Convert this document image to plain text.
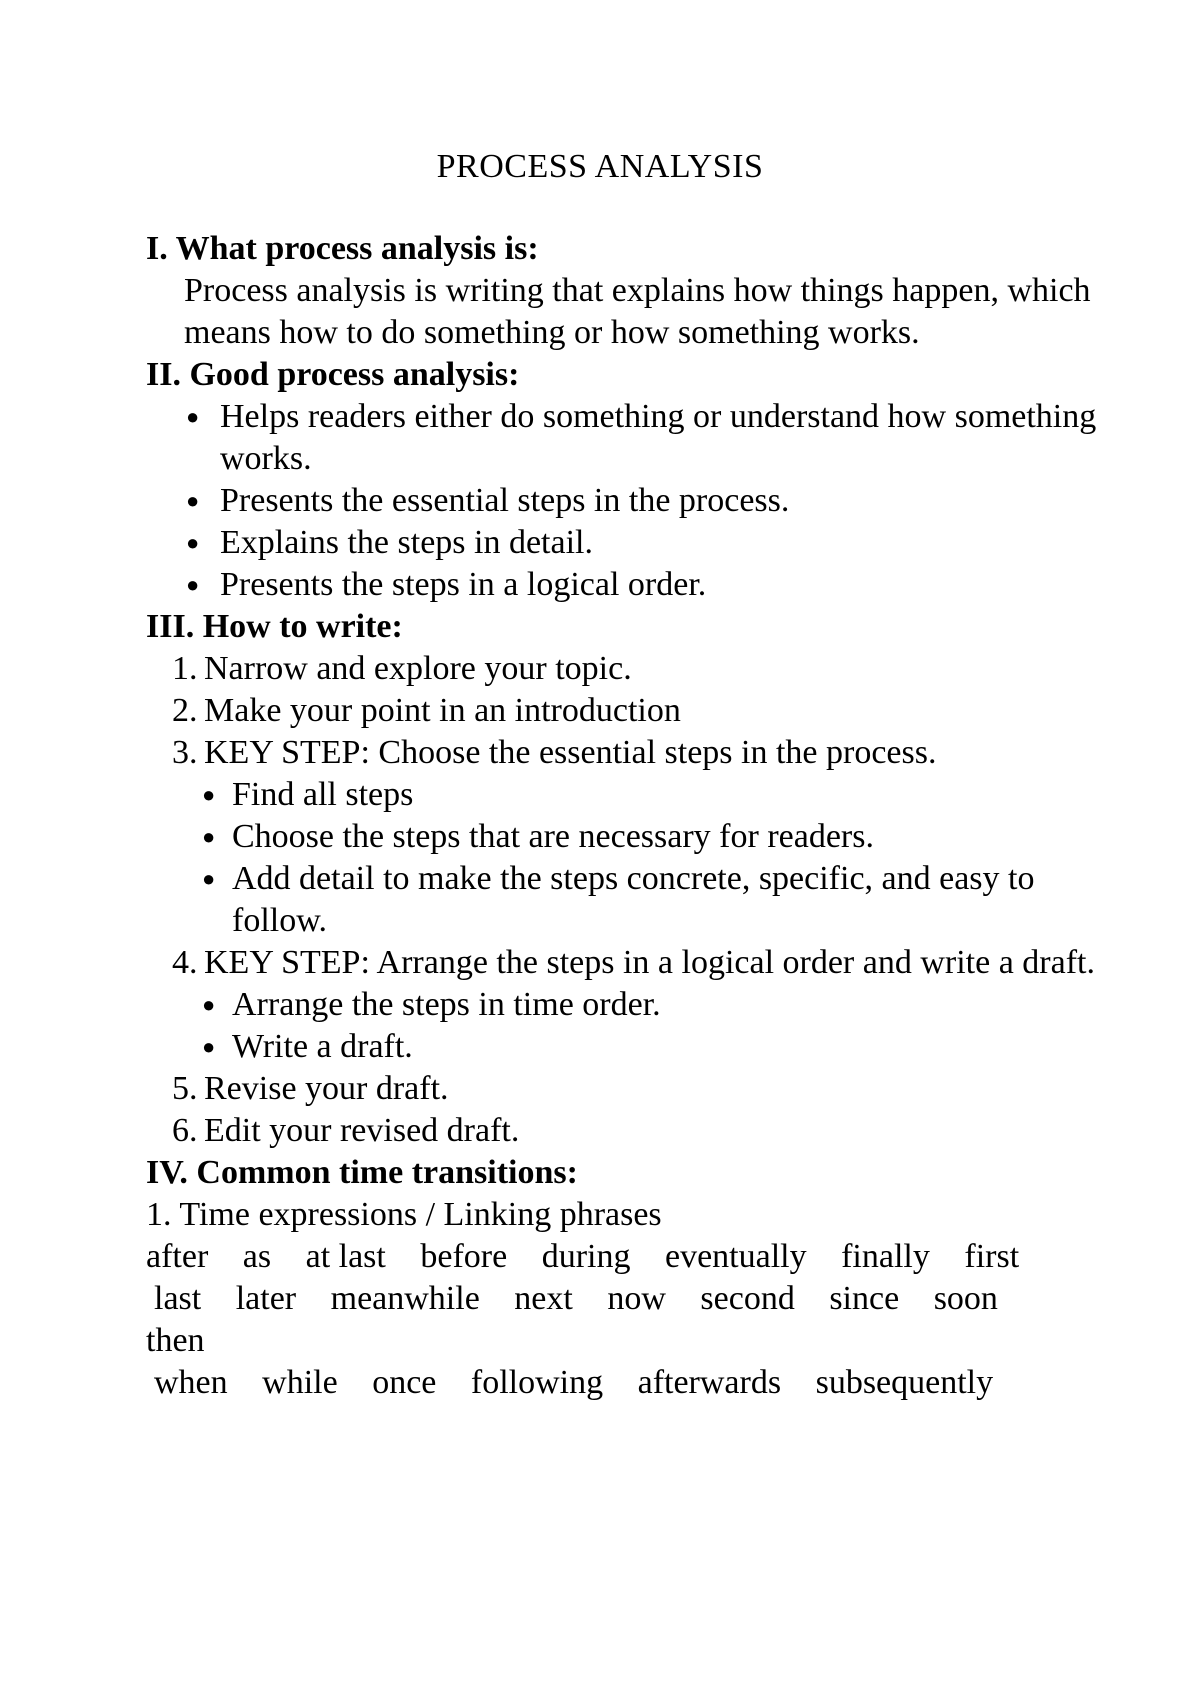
PROCESS ANALYSIS

I. What process analysis is:

Process analysis is writing that explains how things happen, which means how to do something or how something works.

II. Good process analysis:

● Helps readers either do something or understand how something works.
● Presents the essential steps in the process.
● Explains the steps in detail.
● Presents the steps in a logical order.

III. How to write:

1. Narrow and explore your topic.
2. Make your point in an introduction
3. KEY STEP: Choose the essential steps in the process.
● Find all steps
● Choose the steps that are necessary for readers.
● Add detail to make the steps concrete, specific, and easy to follow.
4. KEY STEP: Arrange the steps in a logical order and write a draft.
● Arrange the steps in time order.
● Write a draft.
5. Revise your draft.
6. Edit your revised draft.

IV. Common time transitions:

1. Time expressions / Linking phrases

after as at last before during eventually finally first

last later meanwhile next now second since soon

then

when while once following afterwards subsequently
